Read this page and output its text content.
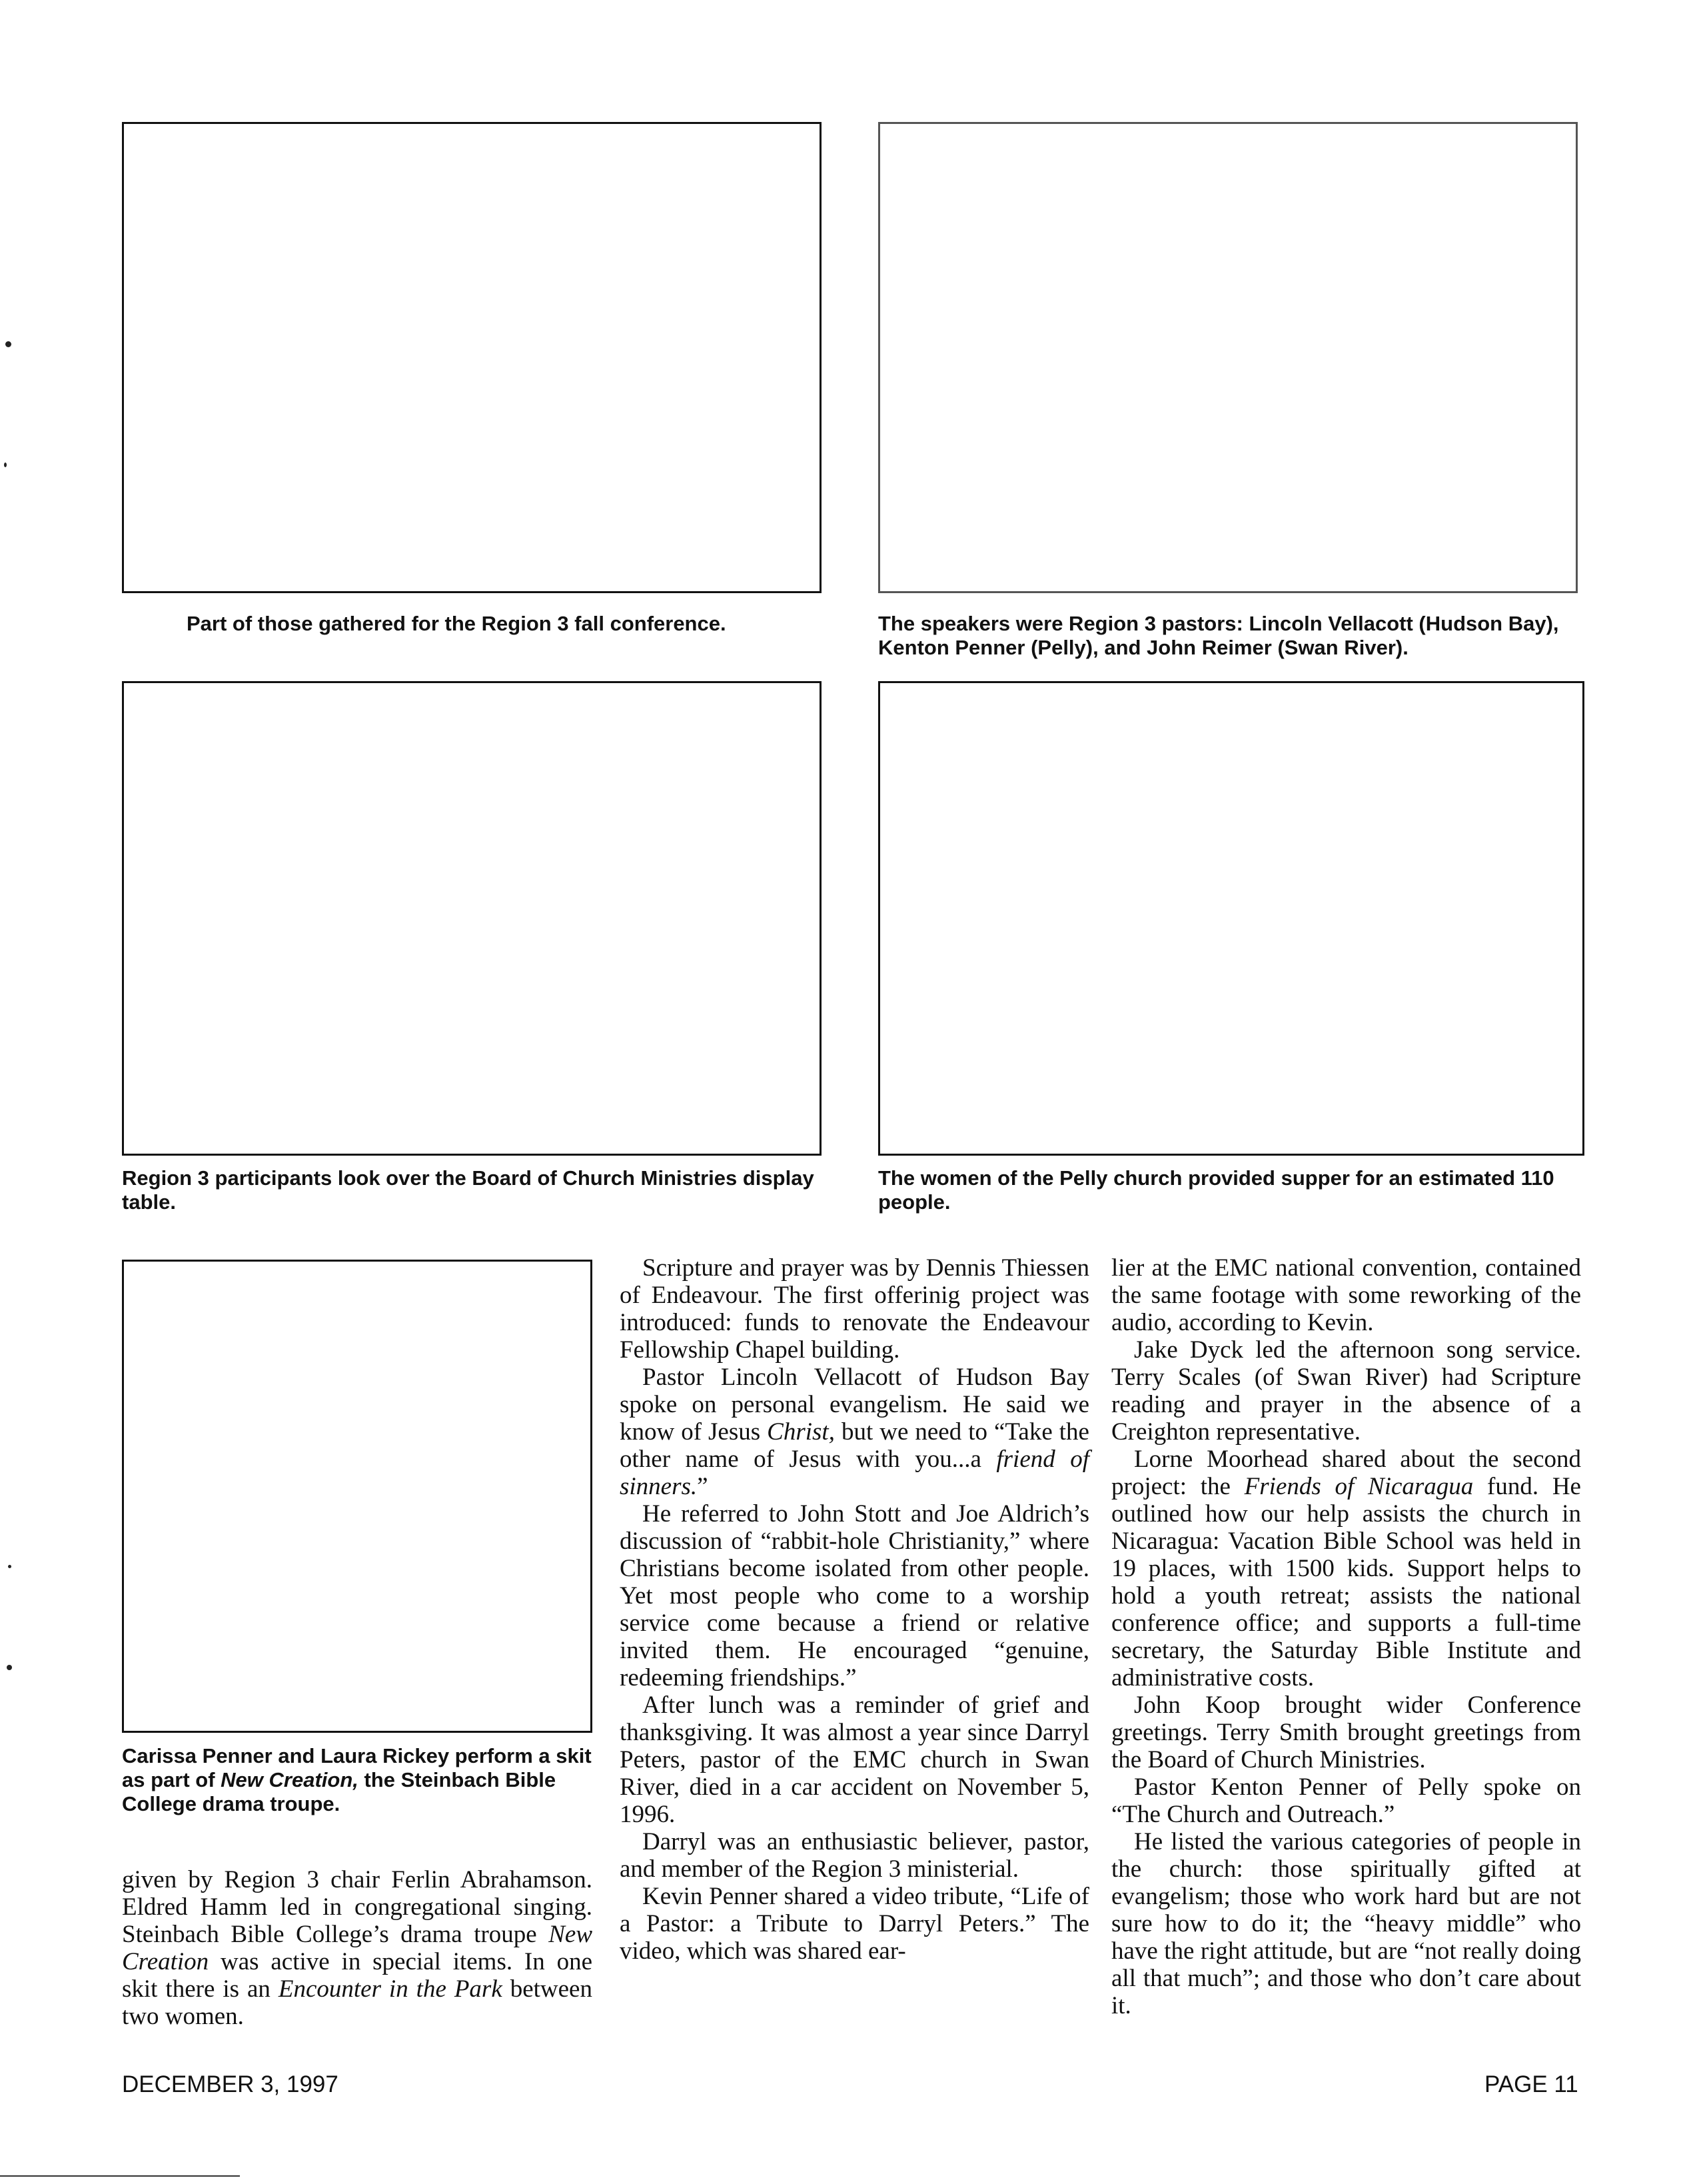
Part of those gathered for the Region 3 fall conference.	The speakers were Region 3 pastors: Lincoln Vellacott (Hudson Bay), Kenton Penner (Pelly), and John Reimer (Swan River).
Region 3 participants look over the Board of Church Ministries display table.
The women of the Pelly church provided supper for an estimated 110 people.
Carissa Penner and Laura Rickey perform a skit as part of New Creation, the Steinbach Bible College drama troupe.

given by Region 3 chair Ferlin Abrahamson. Eldred Hamm led in congregational singing. Steinbach Bible College’s drama troupe New Creation was active in special items. In one skit there is an Encounter in the Park between two women.

Scripture and prayer was by Dennis Thiessen of Endeavour. The first offerinig project was introduced: funds to renovate the Endeavour Fellowship Chapel building.

Pastor Lincoln Vellacott of Hudson Bay spoke on personal evangelism. He said we know of Jesus Christ, but we need to “Take the other name of Jesus with you...a friend of sinners.”

He referred to John Stott and Joe Aldrich’s discussion of “rabbit-hole Christianity,” where Christians become isolated from other people. Yet most people who come to a worship service come because a friend or relative invited them. He encouraged “genuine, redeeming friendships.”

After lunch was a reminder of grief and thanksgiving. It was almost a year since Darryl Peters, pastor of the EMC church in Swan River, died in a car accident on November 5, 1996.

Darryl was an enthusiastic believer, pastor, and member of the Region 3 ministerial.

Kevin Penner shared a video tribute, “Life of a Pastor: a Tribute to Darryl Peters.” The video, which was shared ear-

lier at the EMC national convention, contained the same footage with some reworking of the audio, according to Kevin.

Jake Dyck led the afternoon song service. Terry Scales (of Swan River) had Scripture reading and prayer in the absence of a Creighton representative.

Lorne Moorhead shared about the second project: the Friends of Nicaragua fund. He outlined how our help assists the church in Nicaragua: Vacation Bible School was held in 19 places, with 1500 kids. Support helps to hold a youth retreat; assists the national conference office; and supports a full-time secretary, the Saturday Bible Institute and administrative costs.

John Koop brought wider Conference greetings. Terry Smith brought greetings from the Board of Church Ministries.

Pastor Kenton Penner of Pelly spoke on “The Church and Outreach.”

He listed the various categories of people in the church: those spiritually gifted at evangelism; those who work hard but are not sure how to do it; the “heavy middle” who have the right attitude, but are “not really doing all that much”; and those who don’t care about it.

DECEMBER 3, 1997	PAGE 11
